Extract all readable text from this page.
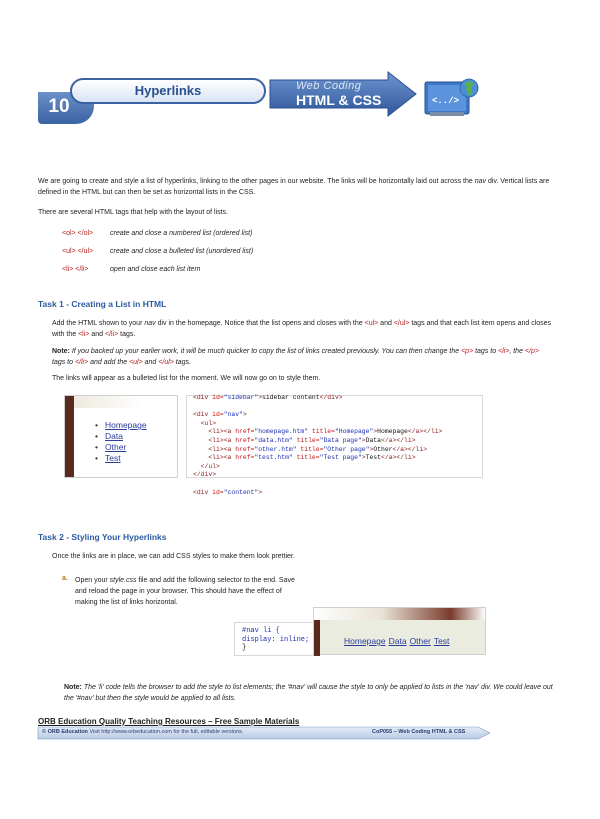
10
Hyperlinks	Web Coding
HTML & CSS	<../>
We are going to create and style a list of hyperlinks, linking to the other pages in our website. The links will be horizontally laid out across the nav div. Vertical lists are defined in the HTML but can then be set as horizontal lists in the CSS.
There are several HTML tags that help with the layout of lists.
<ol> </ol> create and close a numbered list (ordered list)
<ul> </ul> create and close a bulleted list (unordered list)
<li> </li>	open and close each list item
Task 1 - Creating a List in HTML
Add the HTML shown to your nav div in the homepage. Notice that the list opens and closes with the <ul> and </ul> tags and that each list item opens and closes with the <li> and </li> tags.
Note: If you backed up your earlier work, it will be much quicker to copy the list of links created previously. You can then change the <p> tags to <li>, the </p> tags to </li> and add the <ul> and </ul> tags.
The links will appear as a bulleted list for the moment. We will now go on to style them.
• Homepage
• Data
• Other
• Test
<div id="sidebar">sidebar content</div>

<div id="nav">
<ul>
<li><a href="homepage.htm" title="Homepage">Homepage</a></li>
<li><a href="data.htm" title="Data page">Data</a></li>
<li><a href="other.htm" title="Other page">Other</a></li>
<li><a href="test.htm" title="Test page">Test</a></li>
</ul>
</div>

<div id="content">
Task 2 - Styling Your Hyperlinks
Once the links are in place, we can add CSS styles to make them look prettier.
a. Open your style.css file and add the following selector to the end. Save and reload the page in your browser. This should have the effect of making the list of links horizontal.
#nav li {
display: inline;
}
Homepage Data Other Test
Note: The 'li' code tells the browser to add the style to list elements; the '#nav' will cause the style to only be applied to lists in the 'nav' div. We could leave out the '#nav' but then the style would be applied to all lists.
ORB Education Quality Teaching Resources – Free Sample Materials
© ORB Education Visit http://www.orbeducation.com for the full, editable versions.	CoP055 – Web Coding HTML & CSS
